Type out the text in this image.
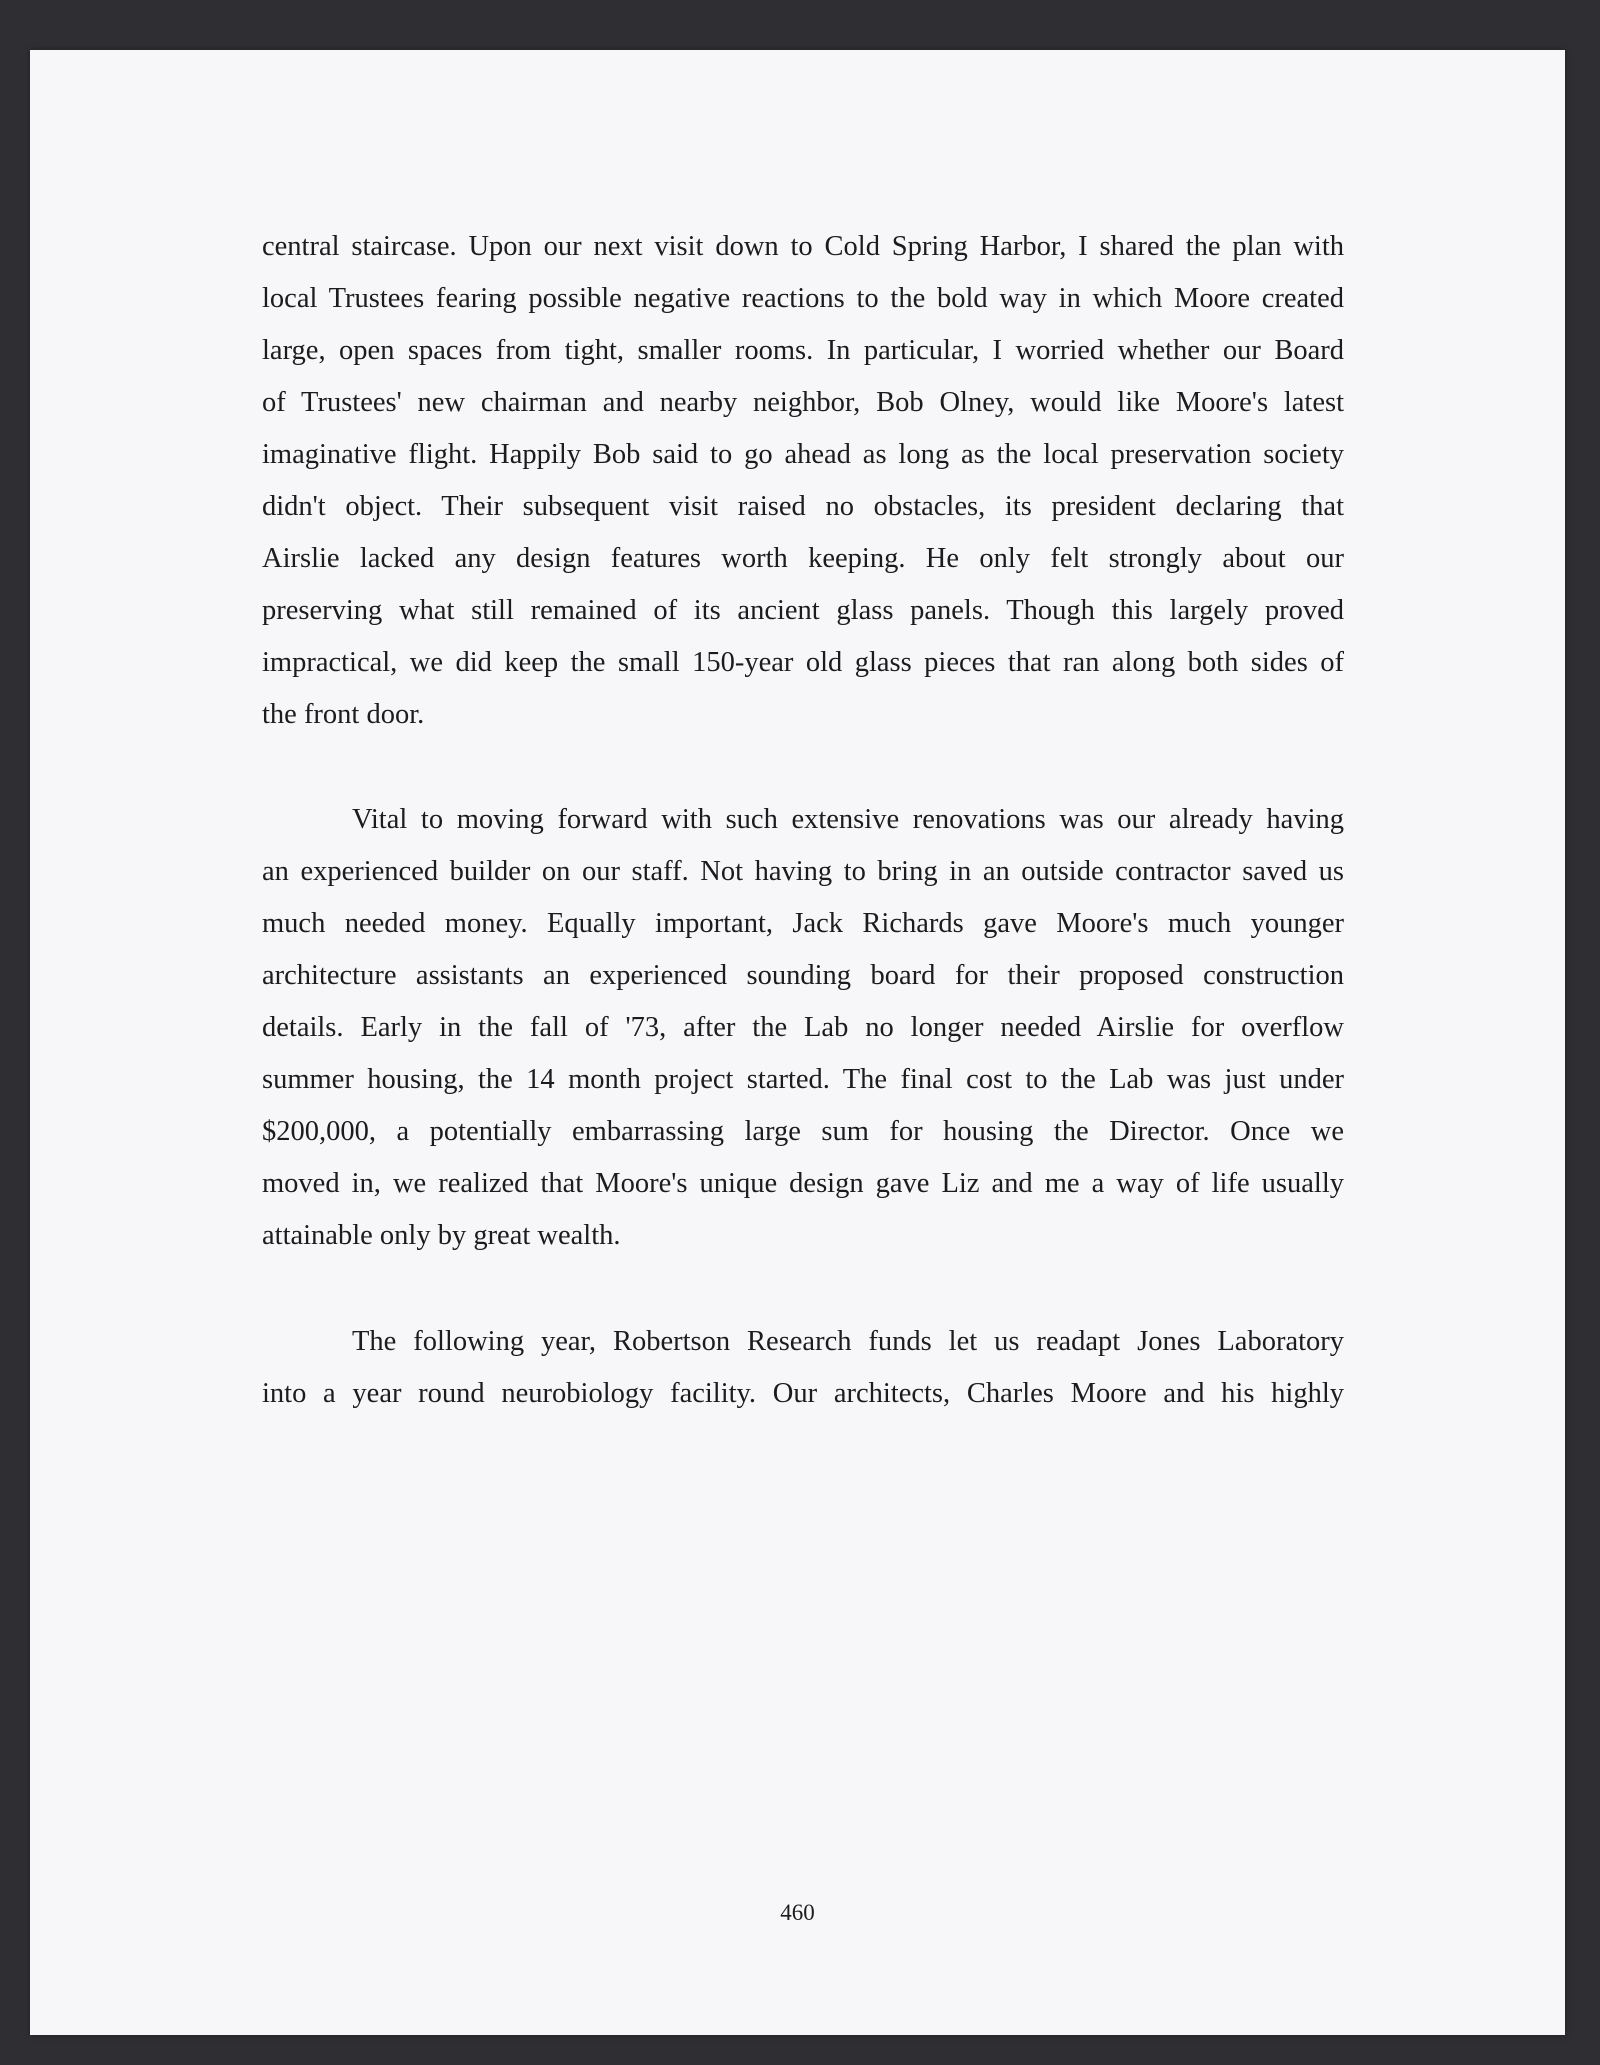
central staircase. Upon our next visit down to Cold Spring Harbor, I shared the plan with
local Trustees fearing possible negative reactions to the bold way in which Moore created
large, open spaces from tight, smaller rooms. In particular, I worried whether our Board
of Trustees' new chairman and nearby neighbor, Bob Olney, would like Moore's latest
imaginative flight. Happily Bob said to go ahead as long as the local preservation society
didn't object. Their subsequent visit raised no obstacles, its president declaring that
Airslie lacked any design features worth keeping. He only felt strongly about our
preserving what still remained of its ancient glass panels. Though this largely proved
impractical, we did keep the small 150-year old glass pieces that ran along both sides of
the front door.
Vital to moving forward with such extensive renovations was our already having
an experienced builder on our staff. Not having to bring in an outside contractor saved us
much needed money. Equally important, Jack Richards gave Moore's much younger
architecture assistants an experienced sounding board for their proposed construction
details. Early in the fall of '73, after the Lab no longer needed Airslie for overflow
summer housing, the 14 month project started. The final cost to the Lab was just under
$200,000, a potentially embarrassing large sum for housing the Director. Once we
moved in, we realized that Moore's unique design gave Liz and me a way of life usually
attainable only by great wealth.
The following year, Robertson Research funds let us readapt Jones Laboratory
into a year round neurobiology facility. Our architects, Charles Moore and his highly
460
